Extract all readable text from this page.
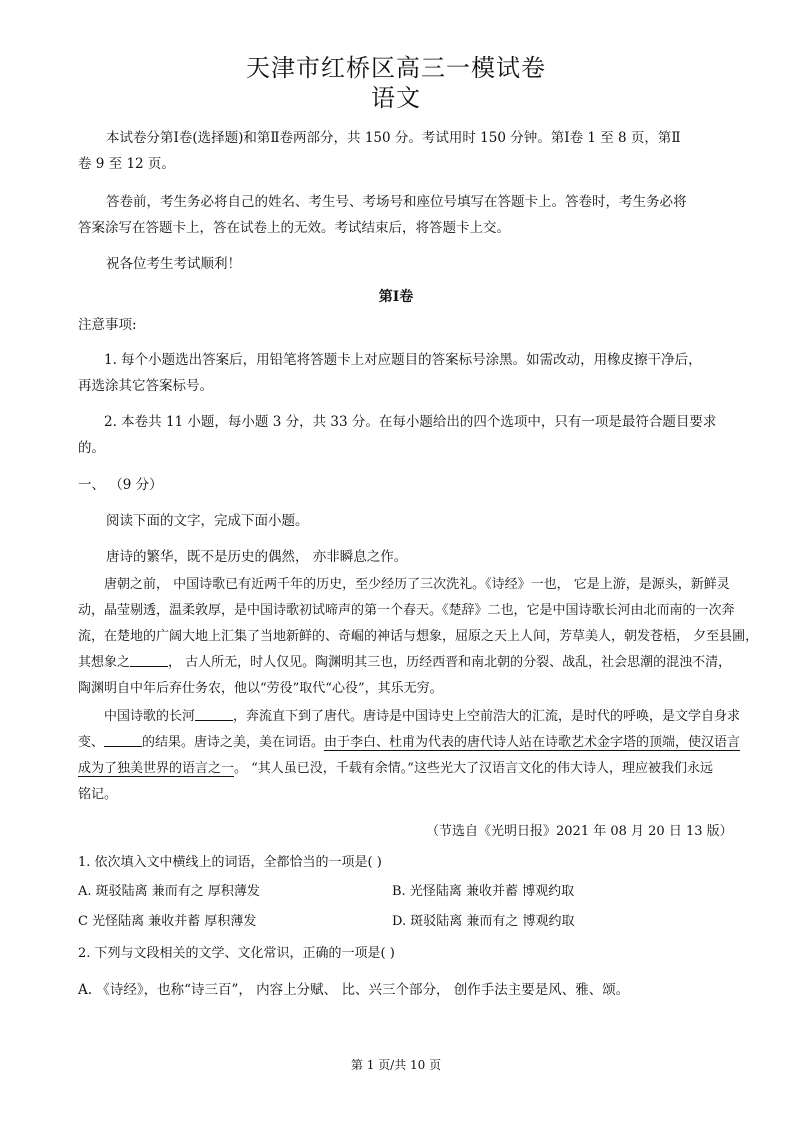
天津市红桥区高三一模试卷
语文
本试卷分第Ⅰ卷(选择题)和第Ⅱ卷两部分，共 150 分。考试用时 150 分钟。第Ⅰ卷 1 至 8 页，第Ⅱ
卷 9 至 12 页。
答卷前，考生务必将自己的姓名、考生号、考场号和座位号填写在答题卡上。答卷时，考生务必将
答案涂写在答题卡上，答在试卷上的无效。考试结束后，将答题卡上交。
祝各位考生考试顺利！
第Ⅰ卷
注意事项:
1. 每个小题选出答案后，用铅笔将答题卡上对应题目的答案标号涂黑。如需改动，用橡皮擦干净后，
再选涂其它答案标号。
2. 本卷共 11 小题，每小题 3 分，共 33 分。在每小题给出的四个选项中，只有一项是最符合题目要求
的。
一、 （9 分）
阅读下面的文字，完成下面小题。
唐诗的繁华，既不是历史的偶然， 亦非瞬息之作。
唐朝之前， 中国诗歌已有近两千年的历史，至少经历了三次洗礼。《诗经》一也， 它是上游，是源头，新鲜灵
动，晶莹剔透，温柔敦厚，是中国诗歌初试啼声的第一个春天。《楚辞》二也，它是中国诗歌长河由北而南的一次奔
流，在楚地的广阔大地上汇集了当地新鲜的、奇崛的神话与想象，屈原之天上人间，芳草美人，朝发苍梧， 夕至县圃，
其想象之	， 古人所无，时人仅见。陶渊明其三也，历经西晋和南北朝的分裂、战乱，社会思潮的混浊不清，
陶渊明自中年后弃仕务农，他以“劳役”取代“心役”，其乐无穷。
中国诗歌的长河	，奔流直下到了唐代。唐诗是中国诗史上空前浩大的汇流，是时代的呼唤，是文学自身求
变、	的结果。唐诗之美，美在词语。由于李白、杜甫为代表的唐代诗人站在诗歌艺术金字塔的顶端，使汉语言
成为了独美世界的语言之一。 “其人虽已没，千载有余情。”这些光大了汉语言文化的伟大诗人，理应被我们永远
铭记。
（节选自《光明日报》2021 年 08 月 20 日 13 版）
1. 依次填入文中横线上的词语，全都恰当的一项是( )
A. 斑驳陆离 兼而有之 厚积薄发	B. 光怪陆离 兼收并蓄 博观约取
C 光怪陆离 兼收并蓄 厚积薄发	D. 斑驳陆离 兼而有之 博观约取
2. 下列与文段相关的文学、文化常识，正确的一项是( )
A. 《诗经》，也称“诗三百”， 内容上分赋、 比、兴三个部分， 创作手法主要是风、雅、颂。
第 1 页/共 10 页
